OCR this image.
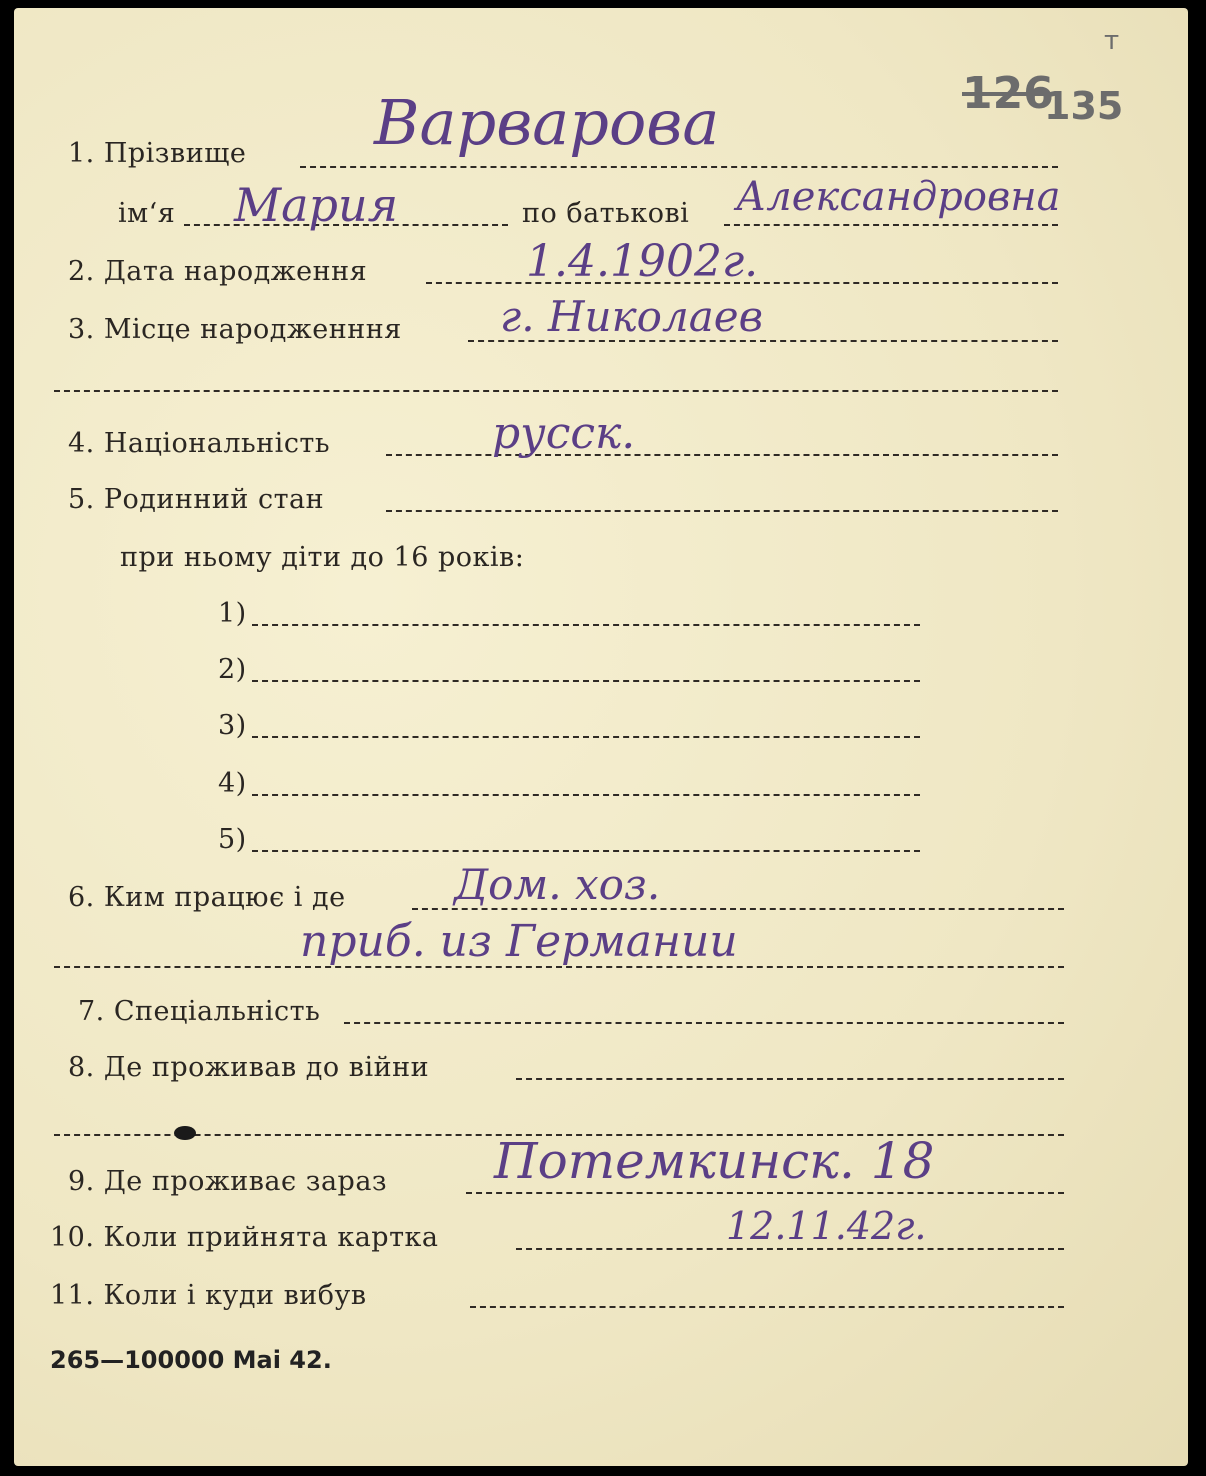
126
135
т
1. Прізвище Варварова
ім‘я Мария	по батькові Александровна
2. Дата народження	1.4.1902г.
3. Місце народженння г. Николаев
4. Національність	русск.
5. Родинний стан
при ньому діти до 16 років:
1)
2)
3)
4)
5)
6. Ким працює і де	Дом. хоз.
приб. из Германии
7. Спеціальність
8. Де проживав до війни
9. Де проживає зараз Потемкинск. 18
10. Коли прийнята картка	12.11.42г.
11. Коли і куди вибув
265—100000 Mai 42.
